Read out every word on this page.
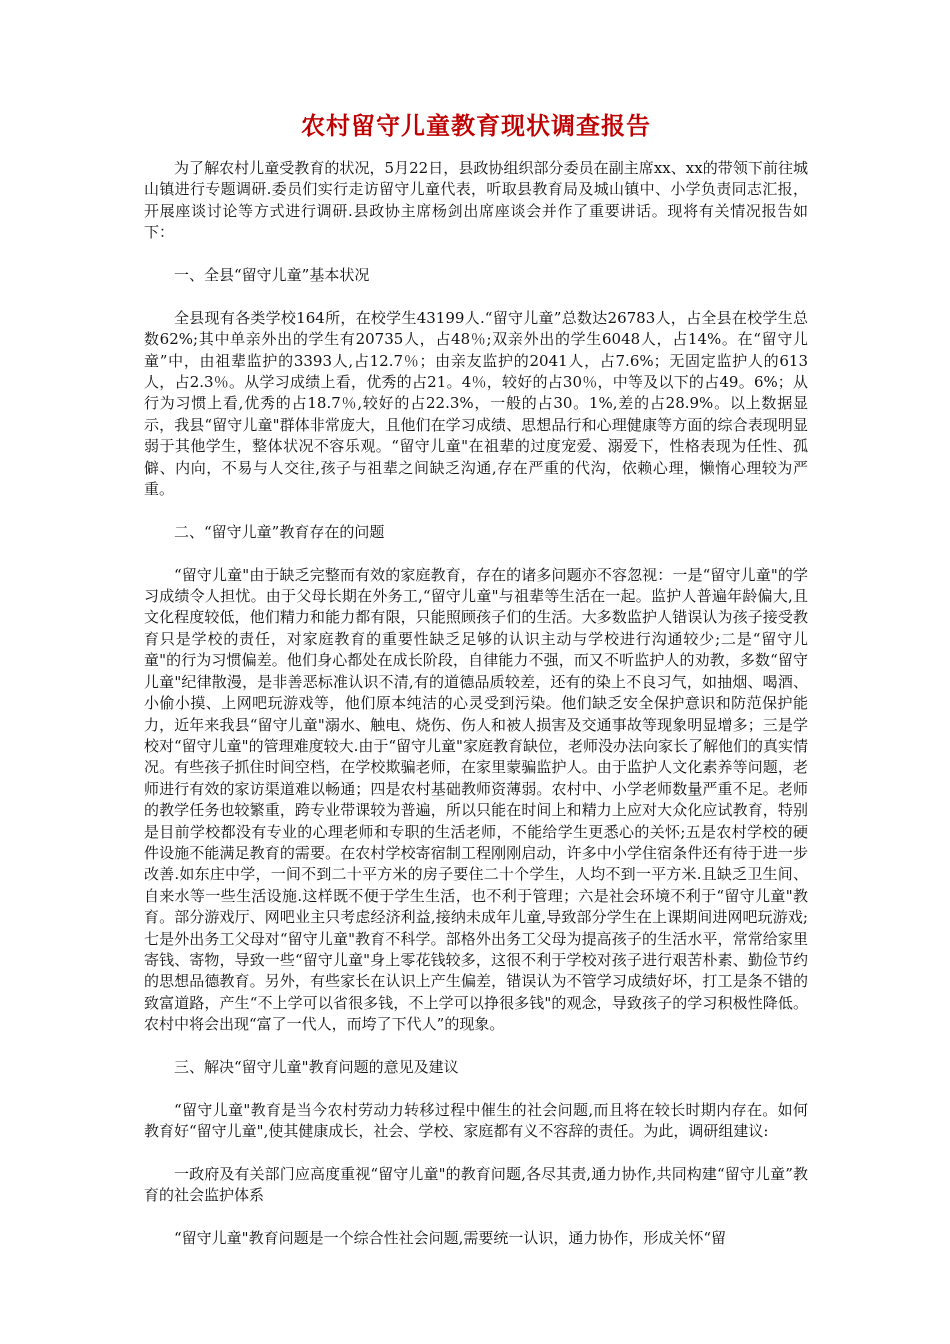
农村留守儿童教育现状调查报告

为了解农村儿童受教育的状况，5月22日，县政协组织部分委员在副主席xx、xx的带领下前往城山镇进行专题调研.委员们实行走访留守儿童代表，听取县教育局及城山镇中、小学负责同志汇报，开展座谈讨论等方式进行调研.县政协主席杨剑出席座谈会并作了重要讲话。现将有关情况报告如下：

一、全县“留守儿童”基本状况

全县现有各类学校164所，在校学生43199人.“留守儿童”总数达26783人，占全县在校学生总数62%;其中单亲外出的学生有20735人，占48％;双亲外出的学生6048人，占14%。在“留守儿童”中，由祖辈监护的3393人,占12.7％；由亲友监护的2041人，占7.6%；无固定监护人的613人，占2.3％。从学习成绩上看，优秀的占21。4％，较好的占30％，中等及以下的占49。6%；从行为习惯上看,优秀的占18.7％,较好的占22.3%，一般的占30。1%,差的占28.9%。以上数据显示，我县“留守儿童"群体非常庞大，且他们在学习成绩、思想品行和心理健康等方面的综合表现明显弱于其他学生，整体状况不容乐观。“留守儿童"在祖辈的过度宠爱、溺爱下，性格表现为任性、孤僻、内向，不易与人交往,孩子与祖辈之间缺乏沟通,存在严重的代沟，依赖心理，懒惰心理较为严重。

二、“留守儿童”教育存在的问题

“留守儿童"由于缺乏完整而有效的家庭教育，存在的诸多问题亦不容忽视：一是“留守儿童"的学习成绩令人担忧。由于父母长期在外务工,“留守儿童"与祖辈等生活在一起。监护人普遍年龄偏大,且文化程度较低，他们精力和能力都有限，只能照顾孩子们的生活。大多数监护人错误认为孩子接受教育只是学校的责任，对家庭教育的重要性缺乏足够的认识主动与学校进行沟通较少;二是“留守儿童"的行为习惯偏差。他们身心都处在成长阶段，自律能力不强，而又不听监护人的劝教，多数“留守儿童"纪律散漫，是非善恶标准认识不清,有的道德品质较差，还有的染上不良习气，如抽烟、喝酒、小偷小摸、上网吧玩游戏等，他们原本纯洁的心灵受到污染。他们缺乏安全保护意识和防范保护能力，近年来我县“留守儿童"溺水、触电、烧伤、伤人和被人损害及交通事故等现象明显增多；三是学校对“留守儿童"的管理难度较大.由于“留守儿童"家庭教育缺位，老师没办法向家长了解他们的真实情况。有些孩子抓住时间空档，在学校欺骗老师，在家里蒙骗监护人。由于监护人文化素养等问题，老师进行有效的家访渠道难以畅通；四是农村基础教师资薄弱。农村中、小学老师数量严重不足。老师的教学任务也较繁重，跨专业带课较为普遍，所以只能在时间上和精力上应对大众化应试教育，特别是目前学校都没有专业的心理老师和专职的生活老师，不能给学生更悉心的关怀;五是农村学校的硬件设施不能满足教育的需要。在农村学校寄宿制工程刚刚启动，许多中小学住宿条件还有待于进一步改善.如东庄中学，一间不到二十平方米的房子要住二十个学生，人均不到一平方米.且缺乏卫生间、自来水等一些生活设施.这样既不便于学生生活，也不利于管理；六是社会环境不利于“留守儿童"教育。部分游戏厅、网吧业主只考虑经济利益,接纳未成年儿童,导致部分学生在上课期间进网吧玩游戏;七是外出务工父母对“留守儿童"教育不科学。部格外出务工父母为提高孩子的生活水平，常常给家里寄钱、寄物，导致一些“留守儿童"身上零花钱较多，这很不利于学校对孩子进行艰苦朴素、勤俭节约的思想品德教育。另外，有些家长在认识上产生偏差，错误认为不管学习成绩好坏，打工是条不错的致富道路，产生“不上学可以省很多钱，不上学可以挣很多钱"的观念，导致孩子的学习积极性降低。农村中将会出现“富了一代人，而垮了下代人”的现象。

三、解决“留守儿童"教育问题的意见及建议

“留守儿童"教育是当今农村劳动力转移过程中催生的社会问题,而且将在较长时期内存在。如何教育好“留守儿童",使其健康成长，社会、学校、家庭都有义不容辞的责任。为此，调研组建议:

一政府及有关部门应高度重视“留守儿童"的教育问题,各尽其责,通力协作,共同构建“留守儿童”教育的社会监护体系

“留守儿童"教育问题是一个综合性社会问题,需要统一认识，通力协作，形成关怀“留
